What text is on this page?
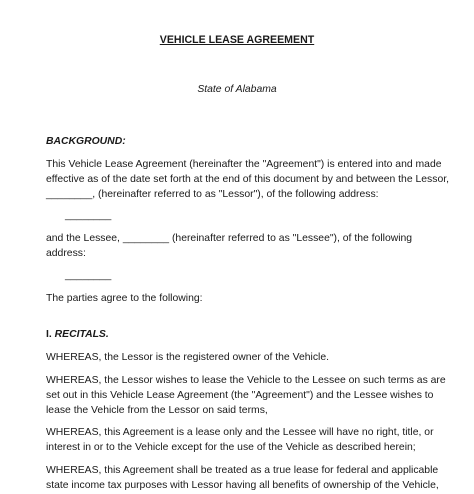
VEHICLE LEASE AGREEMENT

State of Alabama

BACKGROUND:

This Vehicle Lease Agreement (hereinafter the "Agreement") is entered into and made

effective as of the date set forth at the end of this document by and between the Lessor,

________, (hereinafter referred to as "Lessor"), of the following address:

________

and the Lessee, ________ (hereinafter referred to as "Lessee"), of the following

address:

________

The parties agree to the following:

I. RECITALS.

WHEREAS, the Lessor is the registered owner of the Vehicle.

WHEREAS, the Lessor wishes to lease the Vehicle to the Lessee on such terms as are

set out in this Vehicle Lease Agreement (the "Agreement") and the Lessee wishes to

lease the Vehicle from the Lessor on said terms,

WHEREAS, this Agreement is a lease only and the Lessee will have no right, title, or

interest in or to the Vehicle except for the use of the Vehicle as described herein;

WHEREAS, this Agreement shall be treated as a true lease for federal and applicable

state income tax purposes with Lessor having all benefits of ownership of the Vehicle,
